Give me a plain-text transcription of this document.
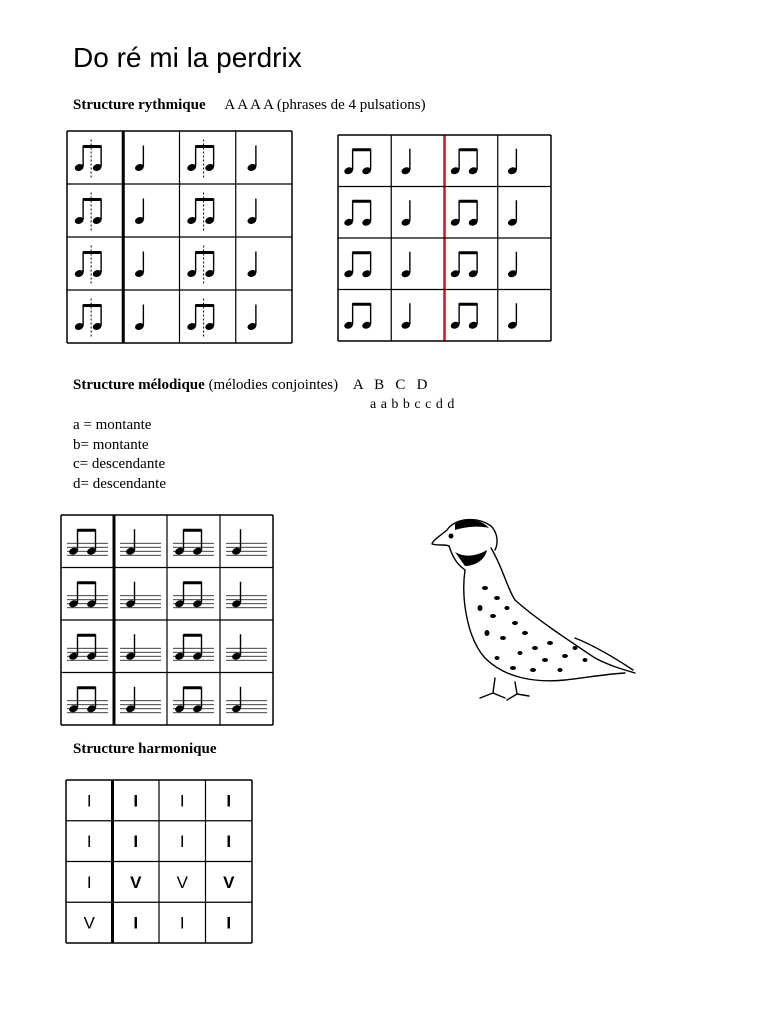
Do ré mi la perdrix
Structure rythmique A A A A (phrases de 4 pulsations)
Structure mélodique (mélodies conjointes) A   B   C   D
a a b b c c d d
a = montante
b= montante
c= descendante
d= descendante
Structure harmonique
I I I I
I I I I
I V V V
V I I I
